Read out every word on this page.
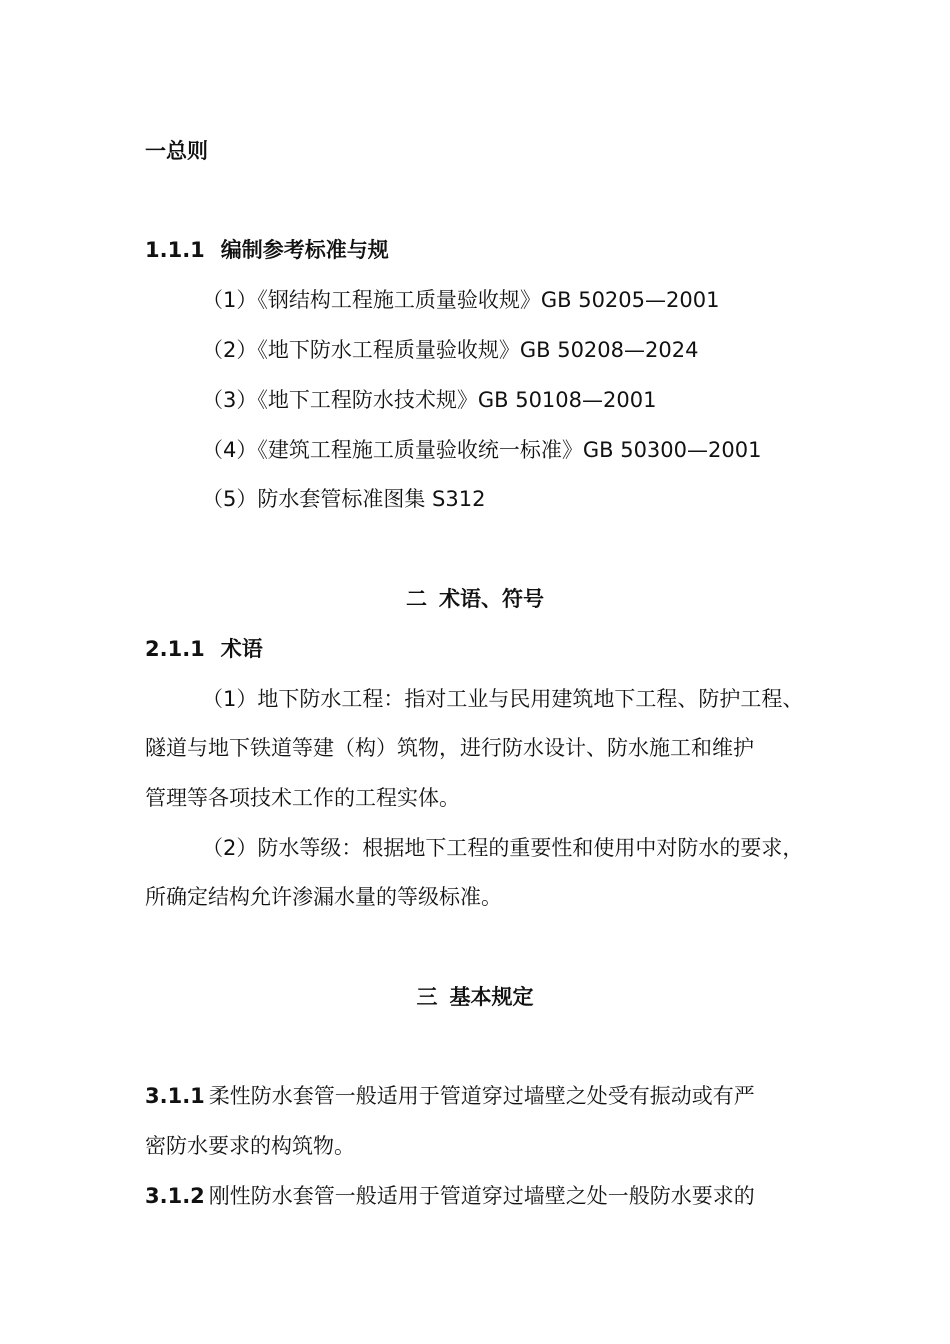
一总则
1.1.1 编制参考标准与规
（1）《钢结构工程施工质量验收规》GB 50205—2001
（2）《地下防水工程质量验收规》GB 50208—2024
（3）《地下工程防水技术规》GB 50108—2001
（4）《建筑工程施工质量验收统一标准》GB 50300—2001
（5）防水套管标准图集 S312
二 术语、符号
2.1.1 术语
（1）地下防水工程：指对工业与民用建筑地下工程、防护工程、
隧道与地下铁道等建（构）筑物，进行防水设计、防水施工和维护
管理等各项技术工作的工程实体。
（2）防水等级：根据地下工程的重要性和使用中对防水的要求，
所确定结构允许渗漏水量的等级标准。
三 基本规定
3.1.1 柔性防水套管一般适用于管道穿过墙壁之处受有振动或有严
密防水要求的构筑物。
3.1.2 刚性防水套管一般适用于管道穿过墙壁之处一般防水要求的
